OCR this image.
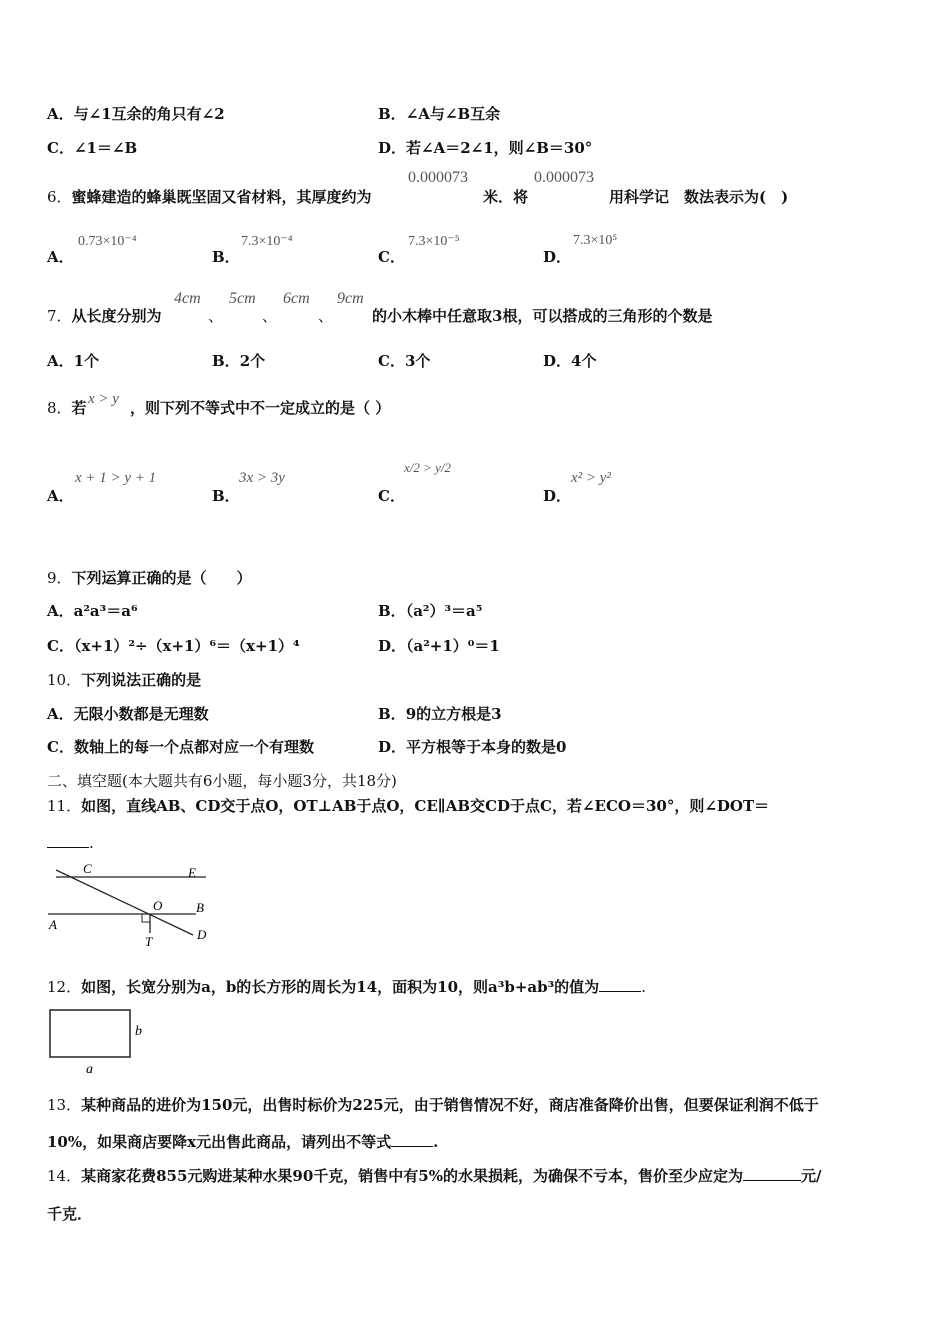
A．与∠1互余的角只有∠2	B．∠A与∠B互余
C．∠1＝∠B	D．若∠A＝2∠1，则∠B＝30°
6．蜜蜂建造的蜂巢既坚固又省材料，其厚度约为
0.000073
米．将
0.000073
用科学记　数法表示为(　)
A．
0.73×10⁻⁴
B．
7.3×10⁻⁴
C．
7.3×10⁻⁵
D．
7.3×10⁵
7．从长度分别为
4cm
、
5cm
、
6cm
、
9cm
的小木棒中任意取3根，可以搭成的三角形的个数是
A．1个	B．2个	C．3个	D．4个
8．若 x > y ，则下列不等式中不一定成立的是（ ）
A．
x + 1 > y + 1
B．
3x > 3y
C．
x/2 > y/2
D．
x² > y²
9．下列运算正确的是（　　）
A．a²a³＝a⁶	B．（a²）³＝a⁵
C．（x+1）²÷（x+1）⁶＝（x+1）⁴	D．（a²+1）⁰＝1
10．下列说法正确的是
A．无限小数都是无理数	B．9的立方根是3
C．数轴上的每一个点都对应一个有理数	D．平方根等于本身的数是0
二、填空题(本大题共有6小题，每小题3分，共18分)
11．如图，直线AB、CD交于点O，OT⊥AB于点O，CE∥AB交CD于点C，若∠ECO＝30°，则∠DOT＝
.
C	E
O	B
A
T	D
12．如图，长宽分别为a，b的长方形的周长为14，面积为10，则a³b+ab³的值为	.
b
a
13．某种商品的进价为150元，出售时标价为225元，由于销售情况不好，商店准备降价出售，但要保证利润不低于
10%，如果商店要降x元出售此商品，请列出不等式	.
14．某商家花费855元购进某种水果90千克，销售中有5%的水果损耗，为确保不亏本，售价至少应定为	元/
千克．
